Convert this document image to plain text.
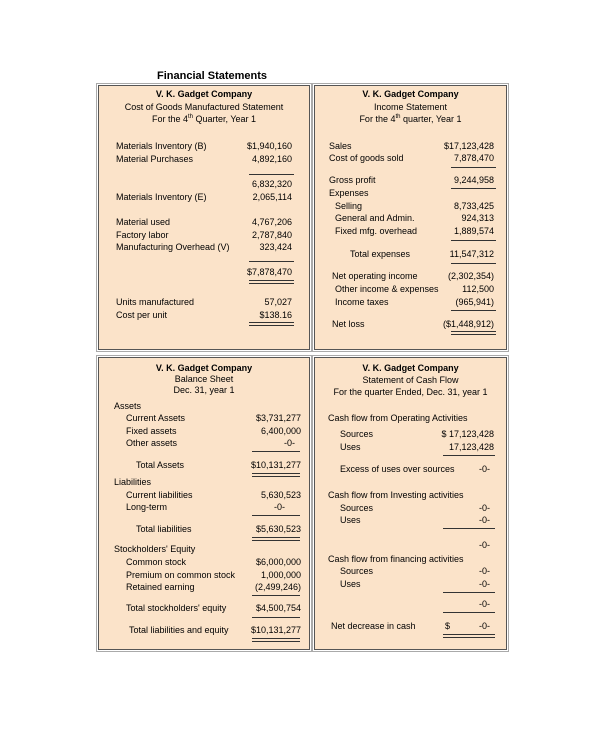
Financial Statements
V. K. Gadget Company
Cost of Goods Manufactured Statement
For the 4th Quarter, Year 1
Materials Inventory (B)	$1,940,160
Material Purchases	4,892,160
6,832,320
Materials Inventory (E)	2,065,114
Material used	4,767,206
Factory labor	2,787,840
Manufacturing Overhead (V)	323,424
$7,878,470
Units manufactured	57,027
Cost per unit	$138.16
V. K. Gadget Company
Income Statement
For the 4th quarter, Year 1
Sales	$17,123,428
Cost of goods sold	7,878,470
Gross profit	9,244,958
Expenses
Selling	8,733,425
General and Admin.	924,313
Fixed mfg. overhead	1,889,574
Total expenses	11,547,312
Net operating income	(2,302,354)
Other income & expenses	112,500
Income taxes	(965,941)
Net loss	($1,448,912)
V. K. Gadget Company
Balance Sheet
Dec. 31, year 1
Assets
Current Assets	$3,731,277
Fixed assets	6,400,000
Other assets	-0-
Total Assets	$10,131,277
Liabilities
Current liabilities	5,630,523
Long-term	-0-
Total liabilities	$5,630,523
Stockholders' Equity
Common stock	$6,000,000
Premium on common stock	1,000,000
Retained earning	(2,499,246)
Total stockholders' equity	$4,500,754
Total liabilities and equity $10,131,277
V. K. Gadget Company
Statement of Cash Flow
For the quarter Ended, Dec. 31, year 1
Cash flow from Operating Activities
Sources	$ 17,123,428
Uses	17,123,428
Excess of uses over sources	-0-
Cash flow from Investing activities
Sources	-0-
Uses	-0-
-0-
Cash flow from financing activities
Sources	-0-
Uses	-0-
-0-
Net decrease in cash	$	-0-
